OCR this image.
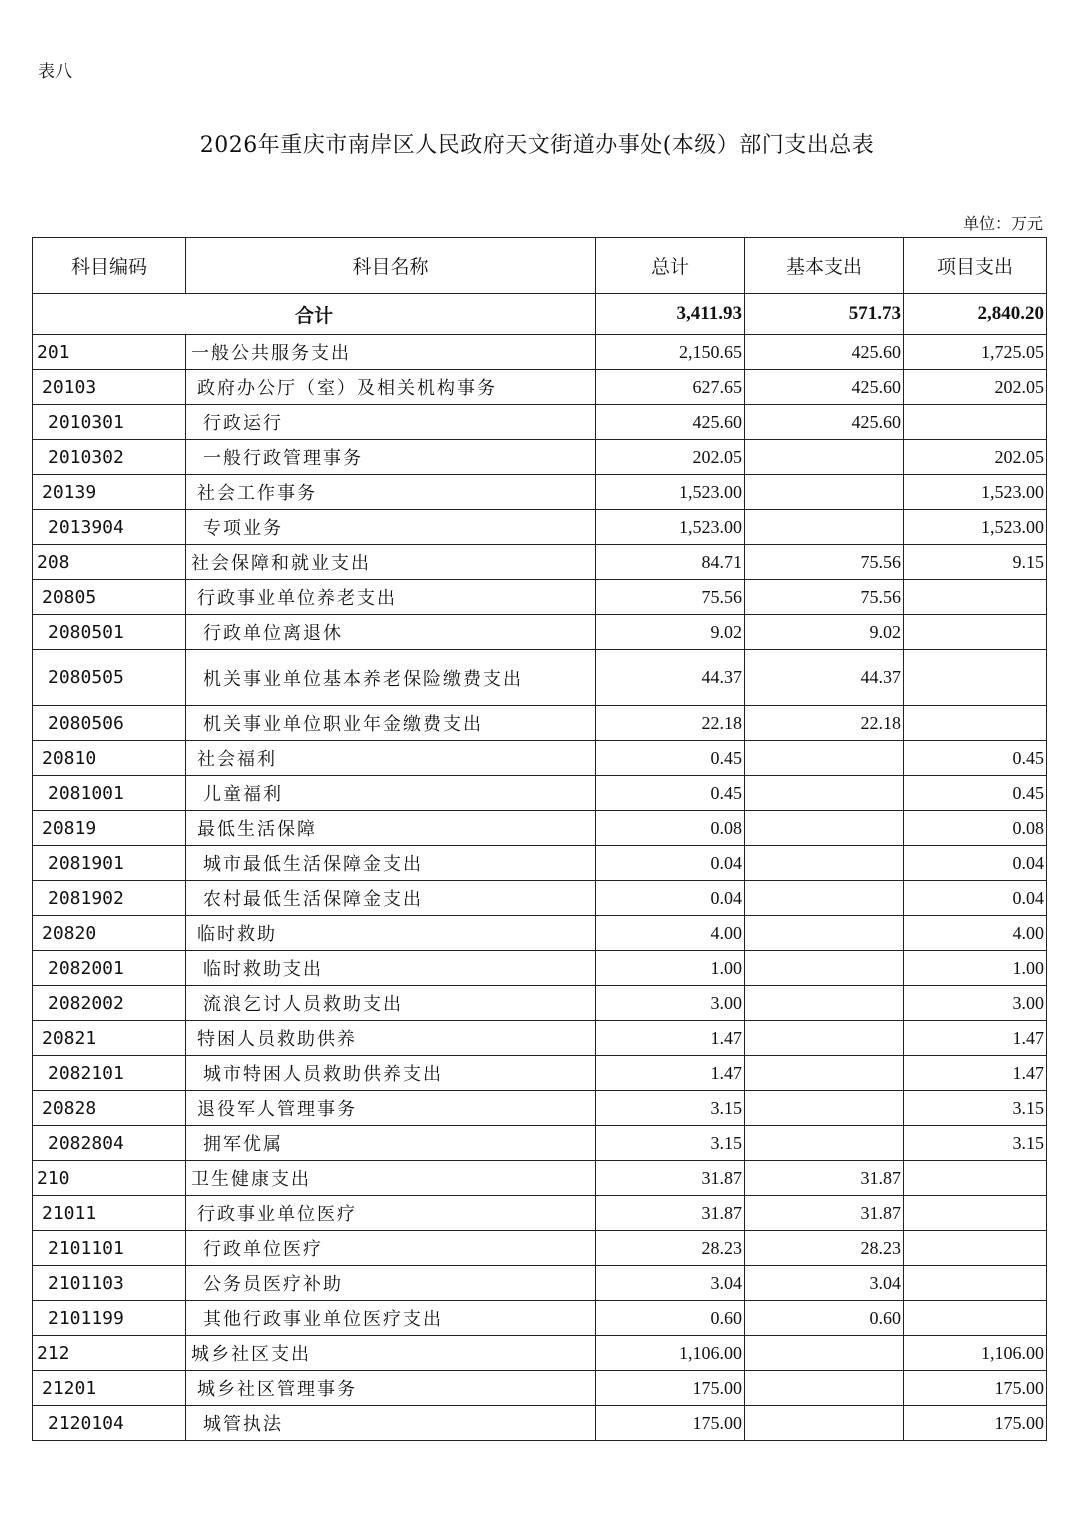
表八
2026年重庆市南岸区人民政府天文街道办事处(本级）部门支出总表
单位：万元
科目编码	科目名称	总计	基本支出	项目支出
合计		3,411.93	571.73	2,840.20
201	一般公共服务支出	2,150.65	425.60	1,725.05
20103	政府办公厅（室）及相关机构事务	627.65	425.60	202.05
2010301	行政运行	425.60	425.60	
2010302	一般行政管理事务	202.05		202.05
20139	社会工作事务	1,523.00		1,523.00
2013904	专项业务	1,523.00		1,523.00
208	社会保障和就业支出	84.71	75.56	9.15
20805	行政事业单位养老支出	75.56	75.56	
2080501	行政单位离退休	9.02	9.02	
2080505	机关事业单位基本养老保险缴费支出	44.37	44.37	
2080506	机关事业单位职业年金缴费支出	22.18	22.18	
20810	社会福利	0.45		0.45
2081001	儿童福利	0.45		0.45
20819	最低生活保障	0.08		0.08
2081901	城市最低生活保障金支出	0.04		0.04
2081902	农村最低生活保障金支出	0.04		0.04
20820	临时救助	4.00		4.00
2082001	临时救助支出	1.00		1.00
2082002	流浪乞讨人员救助支出	3.00		3.00
20821	特困人员救助供养	1.47		1.47
2082101	城市特困人员救助供养支出	1.47		1.47
20828	退役军人管理事务	3.15		3.15
2082804	拥军优属	3.15		3.15
210	卫生健康支出	31.87	31.87	
21011	行政事业单位医疗	31.87	31.87	
2101101	行政单位医疗	28.23	28.23	
2101103	公务员医疗补助	3.04	3.04	
2101199	其他行政事业单位医疗支出	0.60	0.60	
212	城乡社区支出	1,106.00		1,106.00
21201	城乡社区管理事务	175.00		175.00
2120104	城管执法	175.00		175.00
